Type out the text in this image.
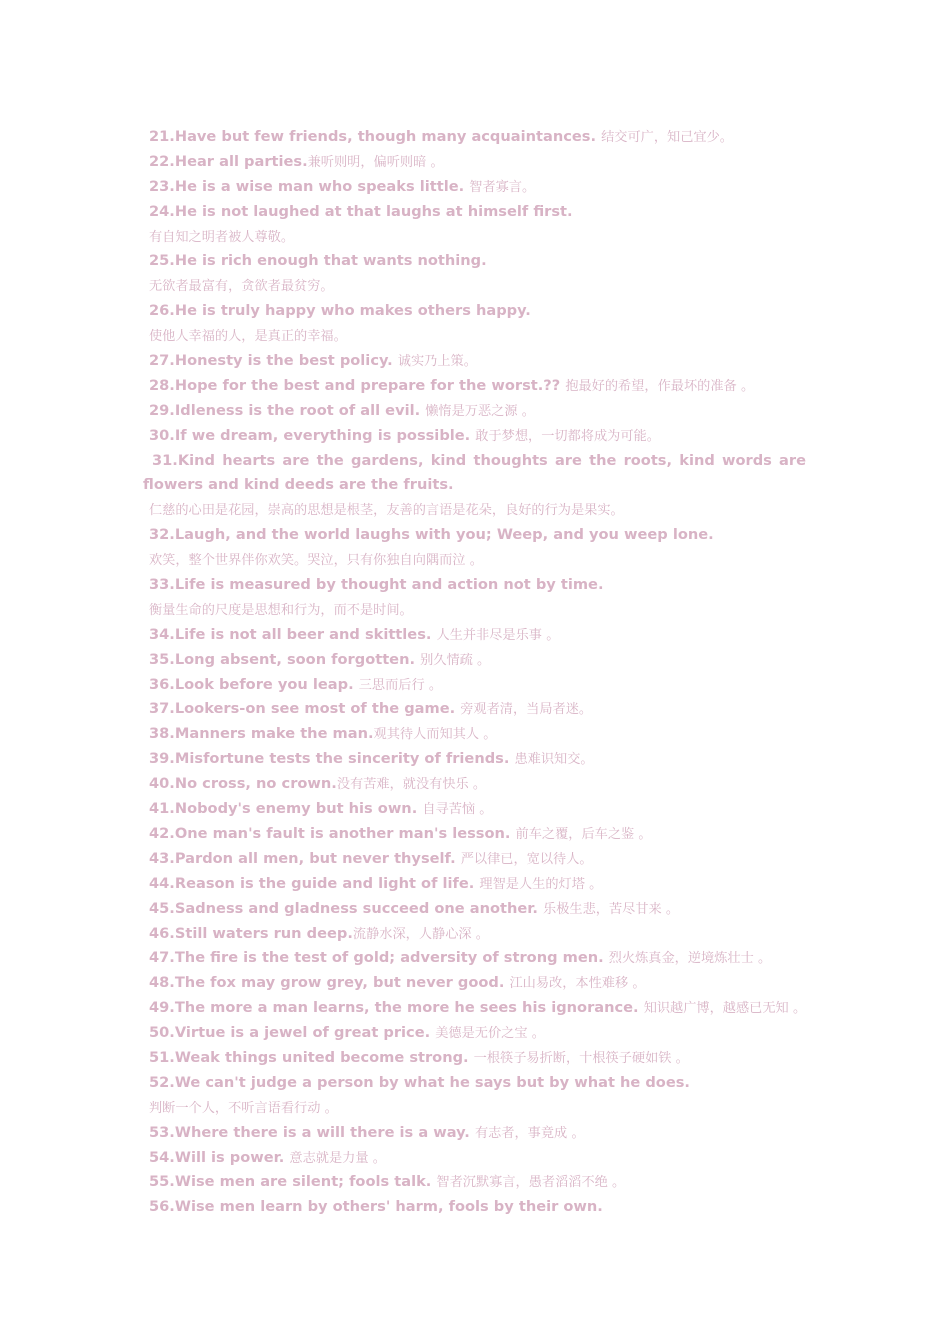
21.Have but few friends, though many acquaintances. 结交可广，知己宜少。
22.Hear all parties.兼听则明，偏听则暗 。
23.He is a wise man who speaks little. 智者寡言。
24.He is not laughed at that laughs at himself first.
有自知之明者被人尊敬。
25.He is rich enough that wants nothing.
无欲者最富有，贪欲者最贫穷。
26.He is truly happy who makes others happy.
使他人幸福的人，是真正的幸福。
27.Honesty is the best policy. 诚实乃上策。
28.Hope for the best and prepare for the worst.?? 抱最好的希望，作最坏的准备 。
29.Idleness is the root of all evil. 懒惰是万恶之源 。
30.If we dream, everything is possible. 敢于梦想，一切都将成为可能。
31.Kind hearts are the gardens, kind thoughts are the roots, kind words are
flowers and kind deeds are the fruits.
仁慈的心田是花园，崇高的思想是根茎，友善的言语是花朵，良好的行为是果实。
32.Laugh, and the world laughs with you; Weep, and you weep lone.
欢笑，整个世界伴你欢笑。哭泣，只有你独自向隅而泣 。
33.Life is measured by thought and action not by time.
衡量生命的尺度是思想和行为，而不是时间。
34.Life is not all beer and skittles. 人生并非尽是乐事 。
35.Long absent, soon forgotten. 别久情疏 。
36.Look before you leap. 三思而后行 。
37.Lookers-on see most of the game. 旁观者清，当局者迷。
38.Manners make the man.观其待人而知其人 。
39.Misfortune tests the sincerity of friends. 患难识知交。
40.No cross, no crown.没有苦难，就没有快乐 。
41.Nobody's enemy but his own. 自寻苦恼 。
42.One man's fault is another man's lesson. 前车之覆，后车之鉴 。
43.Pardon all men, but never thyself. 严以律已，宽以待人。
44.Reason is the guide and light of life. 理智是人生的灯塔 。
45.Sadness and gladness succeed one another. 乐极生悲，苦尽甘来 。
46.Still waters run deep.流静水深，人静心深 。
47.The fire is the test of gold; adversity of strong men. 烈火炼真金，逆境炼壮士 。
48.The fox may grow grey, but never good. 江山易改，本性难移 。
49.The more a man learns, the more he sees his ignorance. 知识越广博，越感已无知 。
50.Virtue is a jewel of great price. 美德是无价之宝 。
51.Weak things united become strong. 一根筷子易折断，十根筷子硬如铁 。
52.We can't judge a person by what he says but by what he does.
判断一个人，不听言语看行动 。
53.Where there is a will there is a way. 有志者，事竟成 。
54.Will is power. 意志就是力量 。
55.Wise men are silent; fools talk. 智者沉默寡言，愚者滔滔不绝 。
56.Wise men learn by others' harm, fools by their own.
